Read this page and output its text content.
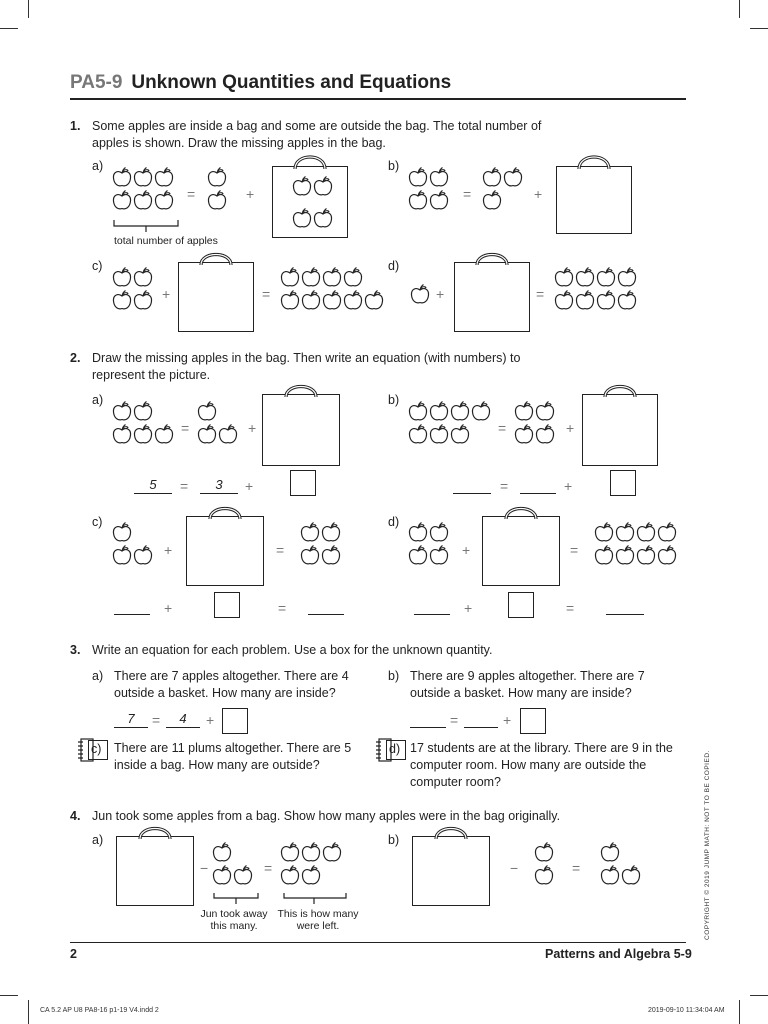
PA5-9 Unknown Quantities and Equations
1. Some apples are inside a bag and some are outside the bag. The total number of apples is shown. Draw the missing apples in the bag.
a)
=	+
total number of apples
b)
=	+
c)
+	=
d)
+	=
2. Draw the missing apples in the bag. Then write an equation (with numbers) to represent the picture.
a)
=	+
5	=	3	+
b)
=	+
=	+
c)
+	=
+	=
d)
+	=
+	=
3. Write an equation for each problem. Use a box for the unknown quantity.
a) There are 7 apples altogether. There are 4 outside a basket. How many are inside?
7	=	4	+
b) There are 9 apples altogether. There are 7 outside a basket. How many are inside?
=	+
c) There are 11 plums altogether. There are 5 inside a bag. How many are outside?
d) 17 students are at the library. There are 9 in the computer room. How many are outside the computer room?
4. Jun took some apples from a bag. Show how many apples were in the bag originally.
a)
−	=
Jun took away this many.
This is how many were left.
b)
−	=	COPYRIGHT © 2019 JUMP MATH: NOT TO BE COPIED.
2	Patterns and Algebra 5-9
CA 5.2 AP U8 PA8-16 p1-19 V4.indd 2	2019-09-10 11:34:04 AM
